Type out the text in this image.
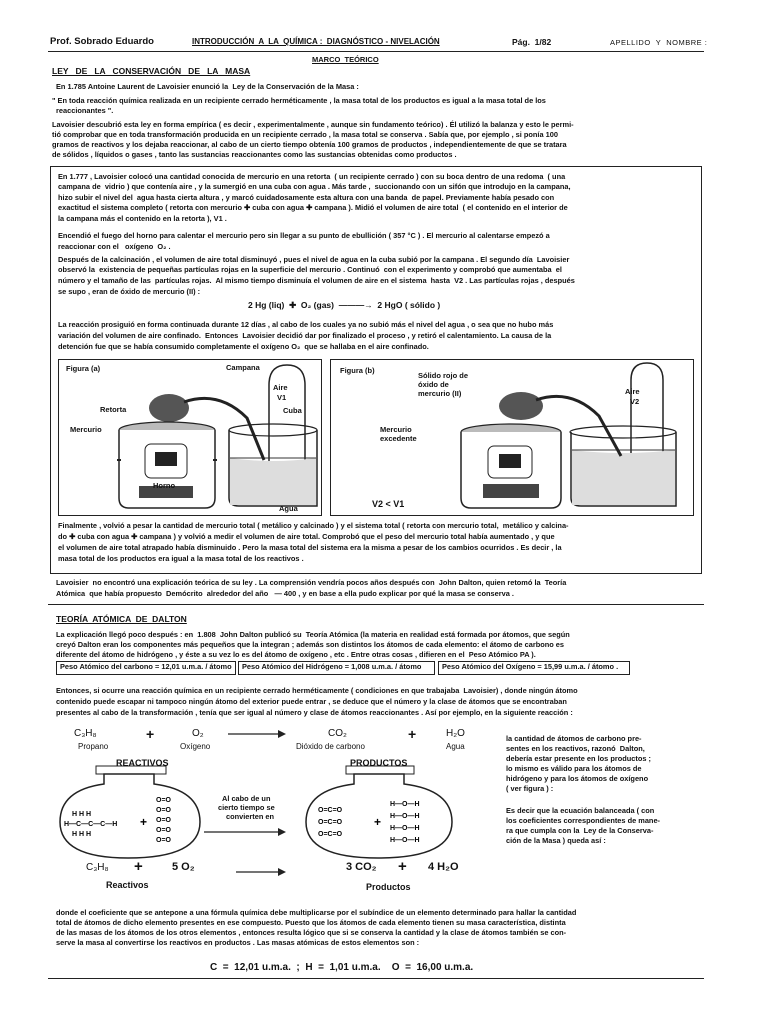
Prof. Sobrado Eduardo	INTRODUCCIÓN  A  LA  QUÍMICA :  DIAGNÓSTICO - NIVELACIÓN	Pág.  1/82	APELLIDO  Y  NOMBRE :
MARCO  TEÓRICO
LEY   DE   LA   CONSERVACIÓN   DE   LA   MASA
En 1.785 Antoine Laurent de Lavoisier enunció la  Ley de la Conservación de la Masa :
" En toda reacción química realizada en un recipiente cerrado herméticamente , la masa total de los productos es igual a la masa total de los
reaccionantes ".
Lavoisier descubrió esta ley en forma empírica ( es decir , experimentalmente , aunque sin fundamento teórico) . Él utilizó la balanza y esto le permi-
tió comprobar que en toda transformación producida en un recipiente cerrado , la masa total se conserva . Sabía que, por ejemplo , si ponía 100
gramos de reactivos y los dejaba reaccionar, al cabo de un cierto tiempo obtenía 100 gramos de productos , independientemente de que se tratara
de sólidos , líquidos o gases , tanto las sustancias reaccionantes como las sustancias obtenidas como productos .
En 1.777 , Lavoisier colocó una cantidad conocida de mercurio en una retorta  ( un recipiente cerrado ) con su boca dentro de una redoma  ( una
campana de  vidrio ) que contenía aire , y la sumergió en una cuba con agua . Más tarde ,  succionando con un sifón que introdujo en la campana,
hizo subir el nivel del  agua hasta cierta altura , y marcó cuidadosamente esta altura con una banda  de papel. Previamente había pesado con
exactitud el sistema completo ( retorta con mercurio ✚ cuba con agua ✚ campana ). Midió el volumen de aire total  ( el contenido en el interior de
la campana más el contenido en la retorta ), V1 .
Encendió el fuego del horno para calentar el mercurio pero sin llegar a su punto de ebullición ( 357 °C ) . El mercurio al calentarse empezó a
reaccionar con el   oxígeno  O₂ .
Después de la calcinación , el volumen de aire total disminuyó , pues el nivel de agua en la cuba subió por la campana . El segundo día  Lavoisier
observó la  existencia de pequeñas partículas rojas en la superficie del mercurio . Continuó  con el experimento y comprobó que aumentaba  el
número y el tamaño de las  partículas rojas.  Al mismo tiempo disminuía el volumen de aire en el sistema  hasta  V2 . Las partículas rojas , después
se supo , eran de óxido de mercurio (II) :
2 Hg (liq)  ✚  O₂ (gas)  ———→  2 HgO ( sólido )
La reacción prosiguió en forma continuada durante 12 días , al cabo de los cuales ya no subió más el nivel del agua , o sea que no hubo más
variación del volumen de aire confinado.  Entonces  Lavoisier decidió dar por finalizado el proceso , y retiró el calentamiento. La causa de la
detención fue que se había consumido completamente el oxígeno O₂  que se hallaba en el aire confinado.
Figura (a)	Campana
Aire
V1
Retorta
Mercurio
Cuba
Horno
Agua
Figura (b)
Sólido rojo de
óxido de
mercurio (II)	Aire
V2
Mercurio
excedente
V2 < V1
Finalmente , volvió a pesar la cantidad de mercurio total ( metálico y calcinado ) y el sistema total ( retorta con mercurio total,  metálico y calcina-
do ✚ cuba con agua ✚ campana ) y volvió a medir el volumen de aire total. Comprobó que el peso del mercurio total había aumentado , y que
el volumen de aire total atrapado había disminuido . Pero la masa total del sistema era la misma a pesar de los cambios ocurridos . Es decir , la
masa total de los productos era igual a la masa total de los reactivos .
Lavoisier  no encontró una explicación teórica de su ley . La comprensión vendría pocos años después con  John Dalton, quien retomó la  Teoría
Atómica  que había propuesto  Demócrito  alrededor del año   — 400 , y en base a ella pudo explicar por qué la masa se conserva .
TEORÍA  ATÓMICA  DE  DALTON
La explicación llegó poco después : en  1.808  John Dalton publicó su  Teoría Atómica (la materia en realidad está formada por átomos, que según
creyó Dalton eran los componentes más pequeños que la integran ; además son distintos los átomos de cada elemento: el átomo de carbono es
diferente del átomo de hidrógeno , y éste a su vez lo es del átomo de oxígeno , etc . Entre otras cosas , difieren en el  Peso Atómico PA ).
Peso Atómico del carbono = 12,01 u.m.a. / átomo Peso Atómico del Hidrógeno = 1,008 u.m.a. / átomo	Peso Atómico del Oxígeno = 15,99 u.m.a. / átomo .
Entonces, si ocurre una reacción química en un recipiente cerrado herméticamente ( condiciones en que trabajaba  Lavoisier) , donde ningún átomo
contenido puede escapar ni tampoco ningún átomo del exterior puede entrar , se deduce que el número y la clase de átomos que se encontraban
presentes al cabo de la transformación , tenía que ser igual al número y clase de átomos reaccionantes . Así por ejemplo, en la siguiente reacción :
H H H
H—C—C—C—H
H H H
+
O=O
O=O
O=O
O=O
O=O
O=C=O
O=C=O
O=C=O
+
H—O—H
H—O—H
H—O—H
H—O—H
C₃H₈	+	O₂	CO₂	+	H₂O
Propano	Oxígeno	Dióxido de carbono	Agua
REACTIVOS	PRODUCTOS
Al cabo de un
cierto tiempo se
convierten en
C₃H₈ +	5 O₂	3 CO₂ + 4 H₂O
Reactivos	Productos
la cantidad de átomos de carbono pre-
sentes en los reactivos, razonó  Dalton,
debería estar presente en los productos ;
lo mismo es válido para los átomos de
hidrógeno y para los átomos de oxígeno
( ver figura ) :
Es decir que la ecuación balanceada ( con
los coeficientes correspondientes de mane-
ra que cumpla con la  Ley de la Conserva-
ción de la Masa ) queda así :
donde el coeficiente que se antepone a una fórmula química debe multiplicarse por el subíndice de un elemento determinado para hallar la cantidad
total de átomos de dicho elemento presentes en ese compuesto. Puesto que los átomos de cada elemento tienen su masa característica, distinta
de las masas de los átomos de los otros elementos , entonces resulta lógico que si se conserva la cantidad y la clase de átomos también se con-
serve la masa al convertirse los reactivos en productos . Las masas atómicas de estos elementos son :
C  =  12,01 u.m.a.  ;  H  =  1,01 u.m.a.    O  =  16,00 u.m.a.
